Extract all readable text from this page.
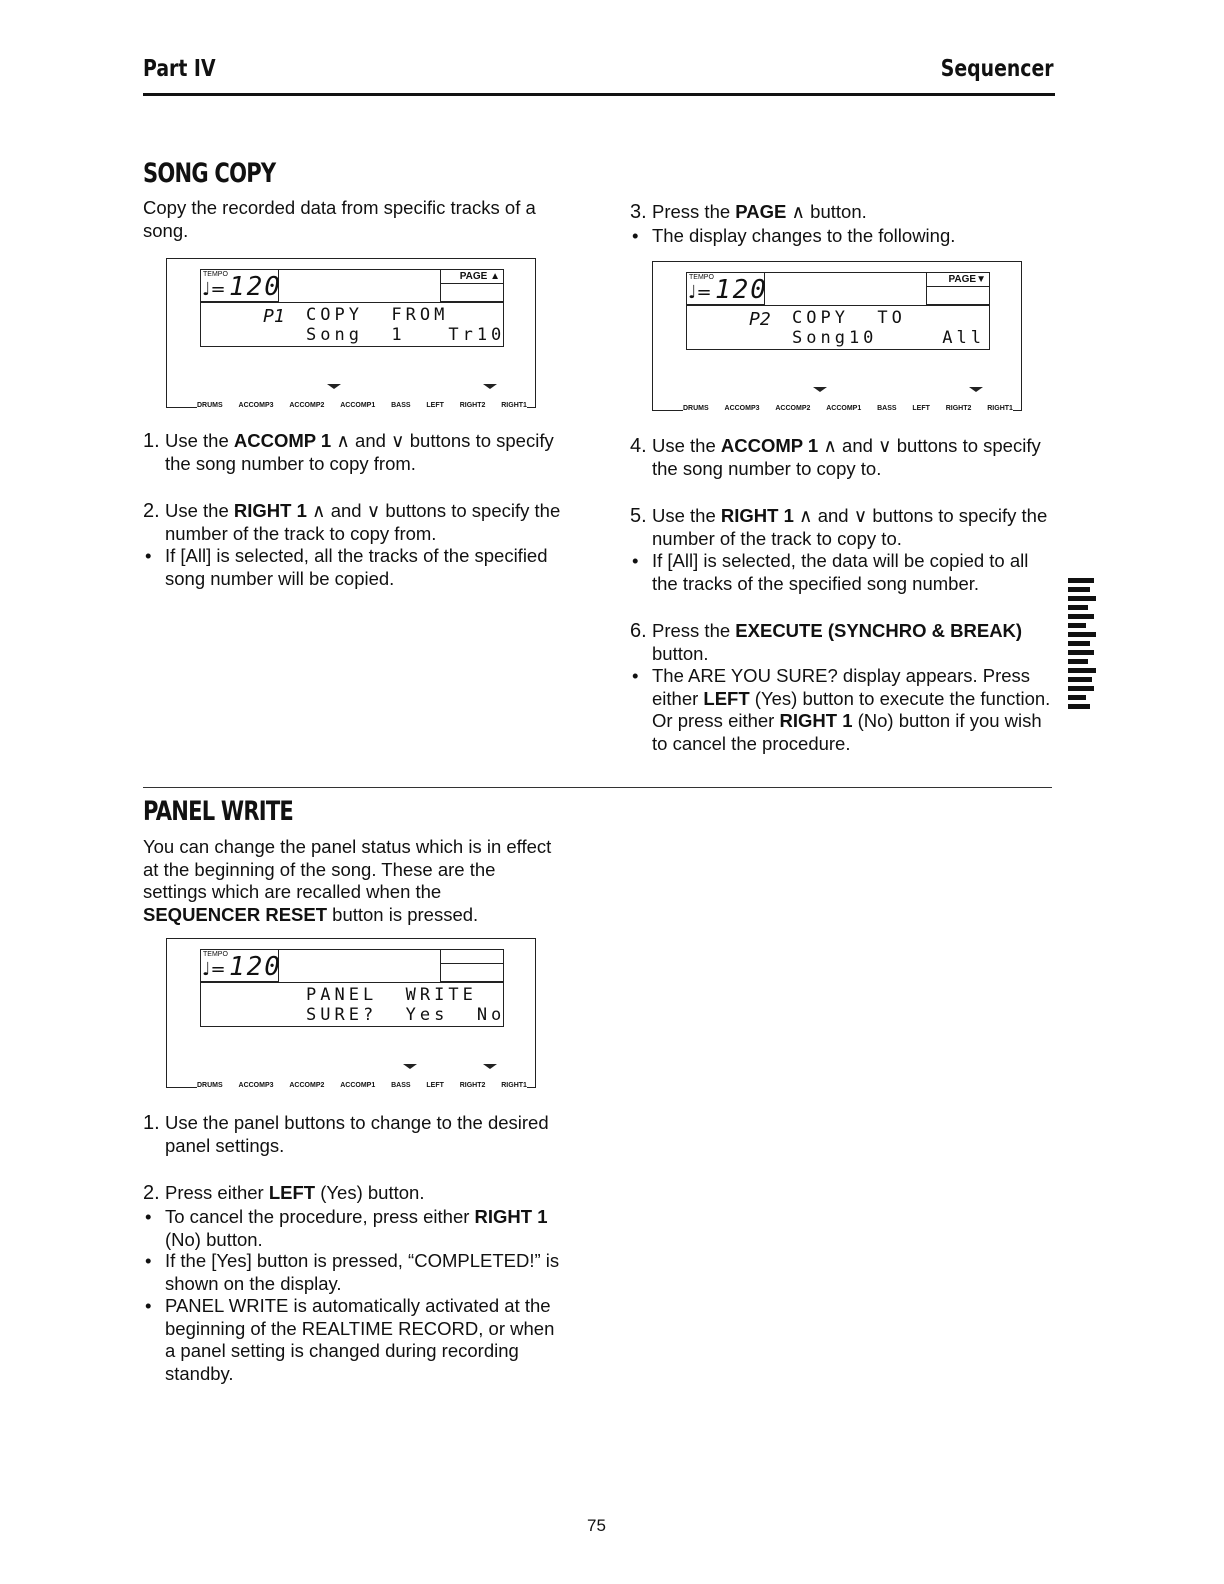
Part IV	Sequencer
SONG COPY

Copy the recorded data from specific tracks of a song.

TEMPO
♩= 120	PAGE ▲
P1 COPY  FROM
Song  1   Tr10
DRUMS ACCOMP3 ACCOMP2 ACCOMP1 BASS LEFT RIGHT2 RIGHT1
1. Use the ACCOMP 1 ∧ and ∨ buttons to specify the song number to copy from.
2. Use the RIGHT 1 ∧ and ∨ buttons to specify the number of the track to copy from.
• If [All] is selected, all the tracks of the specified song number will be copied.
3. Press the PAGE ∧ button.
• The display changes to the following.
TEMPO
♩= 120	PAGE▼
P2 COPY  TO
Song10	All
DRUMS ACCOMP3 ACCOMP2 ACCOMP1 BASS LEFT RIGHT2 RIGHT1
4. Use the ACCOMP 1 ∧ and ∨ buttons to specify the song number to copy to.
5. Use the RIGHT 1 ∧ and ∨ buttons to specify the number of the track to copy to.
• If [All] is selected, the data will be copied to all the tracks of the specified song number.
6. Press the EXECUTE (SYNCHRO & BREAK) button.
• The ARE YOU SURE? display appears. Press either LEFT (Yes) button to execute the function. Or press either RIGHT 1 (No) button if you wish to cancel the procedure.
PANEL WRITE

You can change the panel status which is in effect at the beginning of the song. These are the settings which are recalled when the SEQUENCER RESET button is pressed.

TEMPO
♩= 120
PANEL  WRITE
SURE?  Yes  No
DRUMS ACCOMP3 ACCOMP2 ACCOMP1 BASS LEFT RIGHT2 RIGHT1
1. Use the panel buttons to change to the desired panel settings.
2. Press either LEFT (Yes) button.
• To cancel the procedure, press either RIGHT 1 (No) button.
• If the [Yes] button is pressed, “COMPLETED!” is shown on the display.
• PANEL WRITE is automatically activated at the beginning of the REALTIME RECORD, or when a panel setting is changed during recording standby.
75
